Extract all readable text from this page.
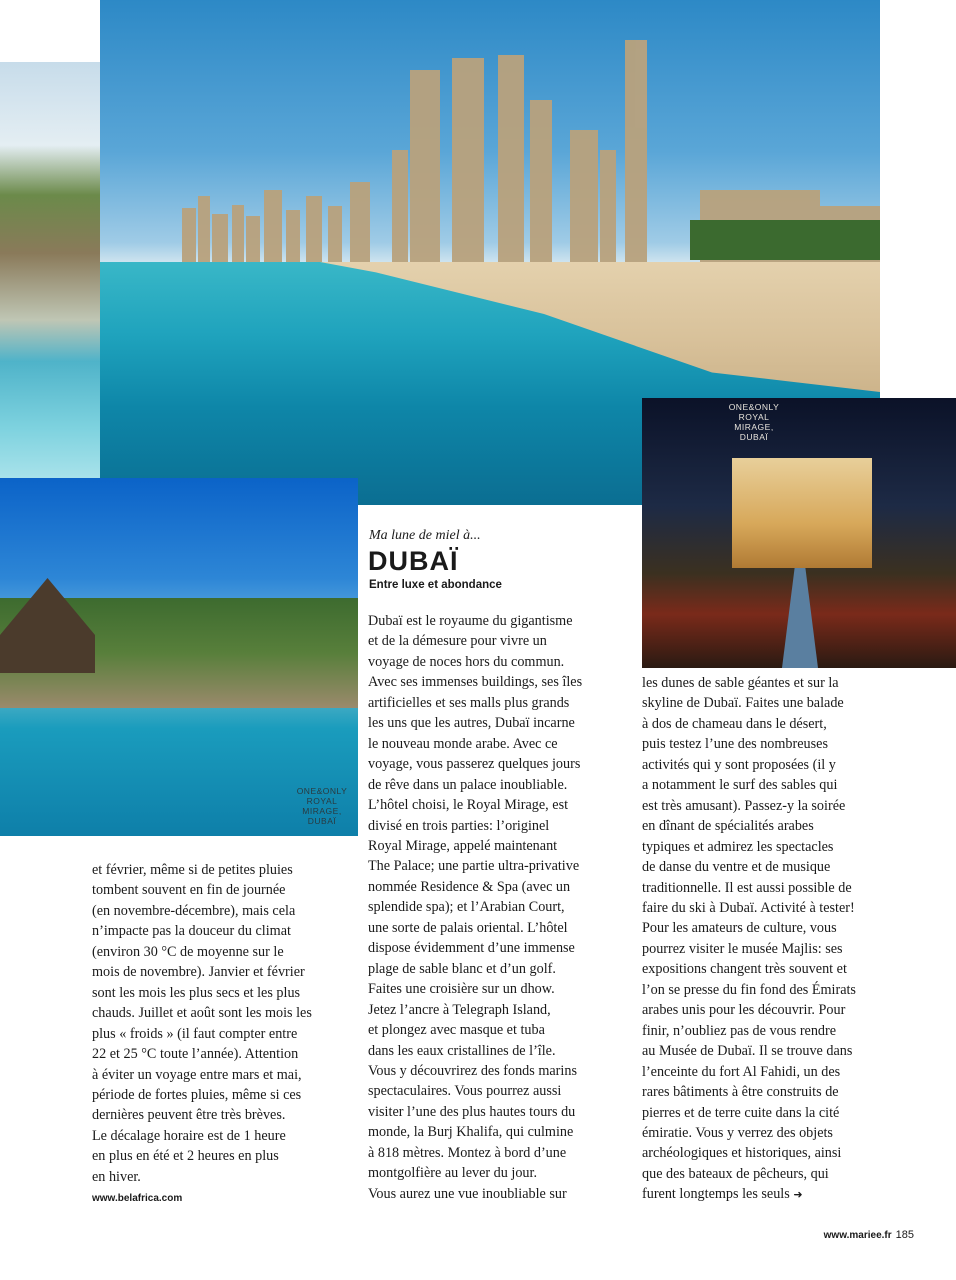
ONE&ONLY ROYAL MIRAGE, DUBAÏ
ONE&ONLY ROYAL MIRAGE, DUBAÏ
Ma lune de miel à...
DUBAÏ
Entre luxe et abondance
et février, même si de petites pluies
tombent souvent en fin de journée
(en novembre-décembre), mais cela
n’impacte pas la douceur du climat
(environ 30 °C de moyenne sur le
mois de novembre). Janvier et février
sont les mois les plus secs et les plus
chauds. Juillet et août sont les mois les
plus « froids » (il faut compter entre
22 et 25 °C toute l’année). Attention
à éviter un voyage entre mars et mai,
période de fortes pluies, même si ces
dernières peuvent être très brèves.
Le décalage horaire est de 1 heure
en plus en été et 2 heures en plus
en hiver.
www.belafrica.com
Dubaï est le royaume du gigantisme
et de la démesure pour vivre un
voyage de noces hors du commun.
Avec ses immenses buildings, ses îles
artificielles et ses malls plus grands
les uns que les autres, Dubaï incarne
le nouveau monde arabe. Avec ce
voyage, vous passerez quelques jours
de rêve dans un palace inoubliable.
L’hôtel choisi, le Royal Mirage, est
divisé en trois parties: l’originel
Royal Mirage, appelé maintenant
The Palace; une partie ultra-privative
nommée Residence & Spa (avec un
splendide spa); et l’Arabian Court,
une sorte de palais oriental. L’hôtel
dispose évidemment d’une immense
plage de sable blanc et d’un golf.
Faites une croisière sur un dhow.
Jetez l’ancre à Telegraph Island,
et plongez avec masque et tuba
dans les eaux cristallines de l’île.
Vous y découvrirez des fonds marins
spectaculaires. Vous pourrez aussi
visiter l’une des plus hautes tours du
monde, la Burj Khalifa, qui culmine
à 818 mètres. Montez à bord d’une
montgolfière au lever du jour.
Vous aurez une vue inoubliable sur
les dunes de sable géantes et sur la
skyline de Dubaï. Faites une balade
à dos de chameau dans le désert,
puis testez l’une des nombreuses
activités qui y sont proposées (il y
a notamment le surf des sables qui
est très amusant). Passez-y la soirée
en dînant de spécialités arabes
typiques et admirez les spectacles
de danse du ventre et de musique
traditionnelle. Il est aussi possible de
faire du ski à Dubaï. Activité à tester!
Pour les amateurs de culture, vous
pourrez visiter le musée Majlis: ses
expositions changent très souvent et
l’on se presse du fin fond des Émirats
arabes unis pour les découvrir. Pour
finir, n’oubliez pas de vous rendre
au Musée de Dubaï. Il se trouve dans
l’enceinte du fort Al Fahidi, un des
rares bâtiments à être construits de
pierres et de terre cuite dans la cité
émiratie. Vous y verrez des objets
archéologiques et historiques, ainsi
que des bateaux de pêcheurs, qui
furent longtemps les seuls ➜
www.mariee.fr 185
